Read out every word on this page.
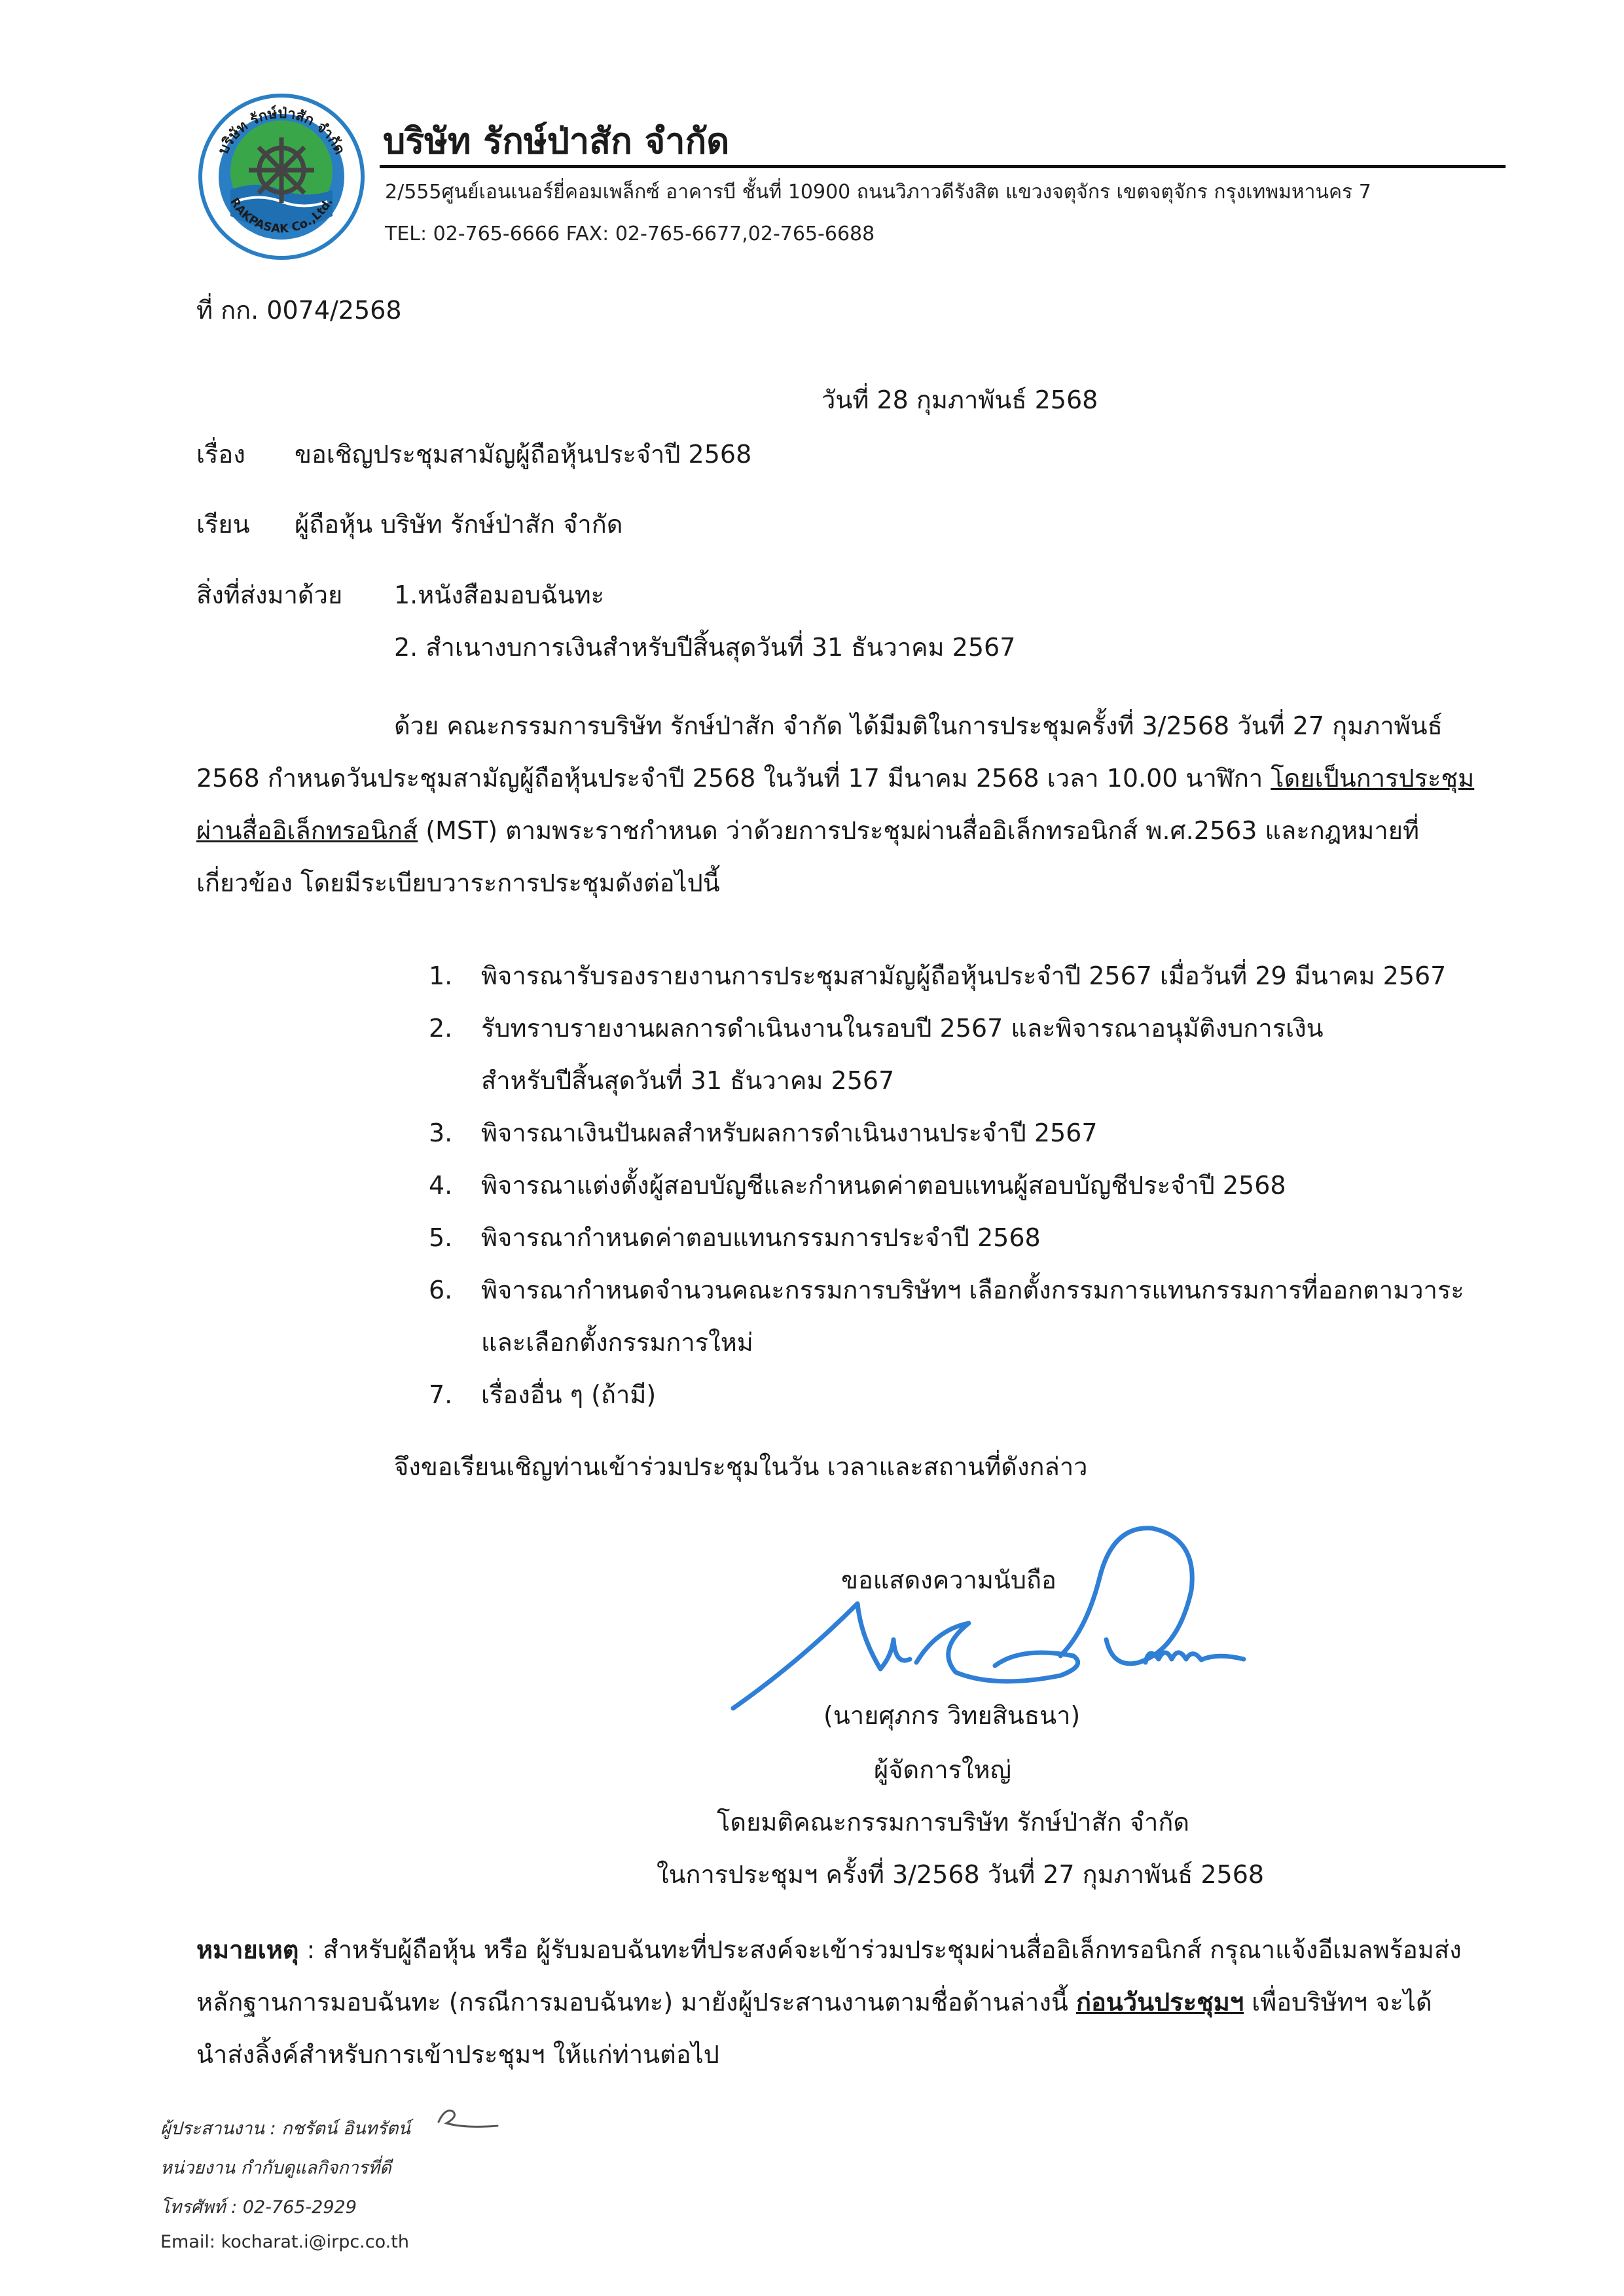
บริษัท รักษ์ป่าสัก จำกัด
RAKPASAK Co.,Ltd.
บริษัท รักษ์ป่าสัก จำกัด
2/555ศูนย์เอนเนอร์ยี่คอมเพล็กซ์ อาคารบี ชั้นที่ 10900 ถนนวิภาวดีรังสิต แขวงจตุจักร เขตจตุจักร กรุงเทพมหานคร 7
TEL: 02-765-6666 FAX: 02-765-6677,02-765-6688
ที่ กก. 0074/2568
วันที่ 28 กุมภาพันธ์ 2568
เรื่อง ขอเชิญประชุมสามัญผู้ถือหุ้นประจำปี 2568
เรียน ผู้ถือหุ้น บริษัท รักษ์ป่าสัก จำกัด
สิ่งที่ส่งมาด้วย 1.หนังสือมอบฉันทะ
2. สำเนางบการเงินสำหรับปีสิ้นสุดวันที่ 31 ธันวาคม 2567
ด้วย คณะกรรมการบริษัท รักษ์ป่าสัก จำกัด ได้มีมติในการประชุมครั้งที่ 3/2568 วันที่ 27 กุมภาพันธ์
2568 กำหนดวันประชุมสามัญผู้ถือหุ้นประจำปี 2568 ในวันที่ 17 มีนาคม 2568 เวลา 10.00 นาฬิกา โดยเป็นการประชุม
ผ่านสื่ออิเล็กทรอนิกส์ (MST) ตามพระราชกำหนด ว่าด้วยการประชุมผ่านสื่ออิเล็กทรอนิกส์ พ.ศ.2563 และกฎหมายที่
เกี่ยวข้อง โดยมีระเบียบวาระการประชุมดังต่อไปนี้
1. พิจารณารับรองรายงานการประชุมสามัญผู้ถือหุ้นประจำปี 2567 เมื่อวันที่ 29 มีนาคม 2567
2. รับทราบรายงานผลการดำเนินงานในรอบปี 2567 และพิจารณาอนุมัติงบการเงิน
สำหรับปีสิ้นสุดวันที่ 31 ธันวาคม 2567
3. พิจารณาเงินปันผลสำหรับผลการดำเนินงานประจำปี 2567
4. พิจารณาแต่งตั้งผู้สอบบัญชีและกำหนดค่าตอบแทนผู้สอบบัญชีประจำปี 2568
5. พิจารณากำหนดค่าตอบแทนกรรมการประจำปี 2568
6. พิจารณากำหนดจำนวนคณะกรรมการบริษัทฯ เลือกตั้งกรรมการแทนกรรมการที่ออกตามวาระ
และเลือกตั้งกรรมการใหม่
7. เรื่องอื่น ๆ (ถ้ามี)
จึงขอเรียนเชิญท่านเข้าร่วมประชุมในวัน เวลาและสถานที่ดังกล่าว
ขอแสดงความนับถือ
(นายศุภกร วิทยสินธนา)
ผู้จัดการใหญ่
โดยมติคณะกรรมการบริษัท รักษ์ป่าสัก จำกัด
ในการประชุมฯ ครั้งที่ 3/2568 วันที่ 27 กุมภาพันธ์ 2568
หมายเหตุ : สำหรับผู้ถือหุ้น หรือ ผู้รับมอบฉันทะที่ประสงค์จะเข้าร่วมประชุมผ่านสื่ออิเล็กทรอนิกส์ กรุณาแจ้งอีเมลพร้อมส่ง
หลักฐานการมอบฉันทะ (กรณีการมอบฉันทะ) มายังผู้ประสานงานตามชื่อด้านล่างนี้ ก่อนวันประชุมฯ เพื่อบริษัทฯ จะได้
นำส่งลิ้งค์สำหรับการเข้าประชุมฯ ให้แก่ท่านต่อไป
ผู้ประสานงาน : กชรัตน์ อินทรัตน์
หน่วยงาน กำกับดูแลกิจการที่ดี
โทรศัพท์ : 02-765-2929
Email: kocharat.i@irpc.co.th
